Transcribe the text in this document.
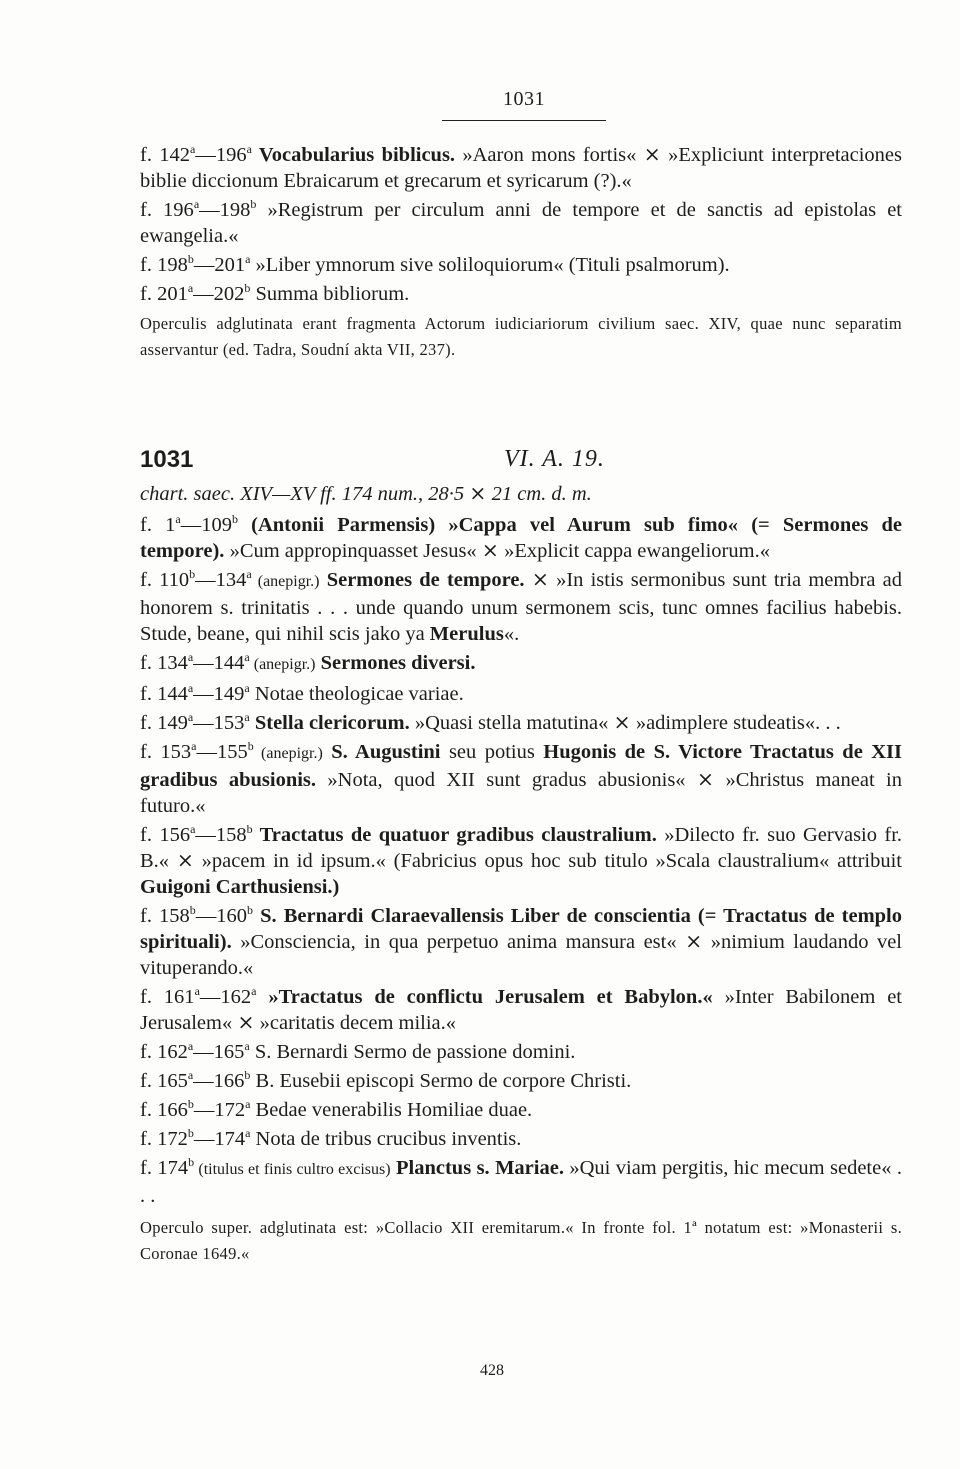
1031

f. 142$^a$—196$^a$ Vocabularius biblicus. »Aaron mons fortis« ⨯ »Expliciunt interpretaciones biblie diccionum Ebraicarum et grecarum et syricarum (?).«

f. 196$^a$—198$^b$ »Registrum per circulum anni de tempore et de sanctis ad epistolas et ewangelia.«

f. 198$^b$—201$^a$ »Liber ymnorum sive soliloquiorum« (Tituli psalmorum).

f. 201$^a$—202$^b$ Summa bibliorum.

Operculis adglutinata erant fragmenta Actorum iudiciariorum civilium saec. XIV, quae nunc separatim asservantur (ed. Tadra, Soudní akta VII, 237).

1031	VI. A. 19.
chart. saec. XIV—XV ff. 174 num., 28·5 ⨯ 21 cm. d. m.

f. 1$^a$—109$^b$ (Antonii Parmensis) »Cappa vel Aurum sub fimo« (= Sermones de tempore). »Cum appropinquasset Jesus« ⨯ »Explicit cappa ewangeliorum.«

f. 110$^b$—134$^a$ (anepigr.) Sermones de tempore. ⨯ »In istis sermonibus sunt tria membra ad honorem s. trinitatis . . . unde quando unum sermonem scis, tunc omnes facilius habebis. Stude, beane, qui nihil scis jako ya Merulus«.

f. 134$^a$—144$^a$ (anepigr.) Sermones diversi.

f. 144$^a$—149$^a$ Notae theologicae variae.

f. 149$^a$—153$^a$ Stella clericorum. »Quasi stella matutina« ⨯ »adimplere studeatis«. . .

f. 153$^a$—155$^b$ (anepigr.) S. Augustini seu potius Hugonis de S. Victore Tractatus de XII gradibus abusionis. »Nota, quod XII sunt gradus abusionis« ⨯ »Christus maneat in futuro.«

f. 156$^a$—158$^b$ Tractatus de quatuor gradibus claustralium. »Dilecto fr. suo Gervasio fr. B.« ⨯ »pacem in id ipsum.« (Fabricius opus hoc sub titulo »Scala claustralium« attribuit Guigoni Carthusiensi.)

f. 158$^b$—160$^b$ S. Bernardi Claraevallensis Liber de conscientia (= Tractatus de templo spirituali). »Consciencia, in qua perpetuo anima mansura est« ⨯ »nimium laudando vel vituperando.«

f. 161$^a$—162$^a$ »Tractatus de conflictu Jerusalem et Babylon.« »Inter Babilonem et Jerusalem« ⨯ »caritatis decem milia.«

f. 162$^a$—165$^a$ S. Bernardi Sermo de passione domini.

f. 165$^a$—166$^b$ B. Eusebii episcopi Sermo de corpore Christi.

f. 166$^b$—172$^a$ Bedae venerabilis Homiliae duae.

f. 172$^b$—174$^a$ Nota de tribus crucibus inventis.

f. 174$^b$ (titulus et finis cultro excisus) Planctus s. Mariae. »Qui viam pergitis, hic mecum sedete« . . .

Operculo super. adglutinata est: »Collacio XII eremitarum.« In fronte fol. 1ª notatum est: »Monasterii s. Coronae 1649.«

428
